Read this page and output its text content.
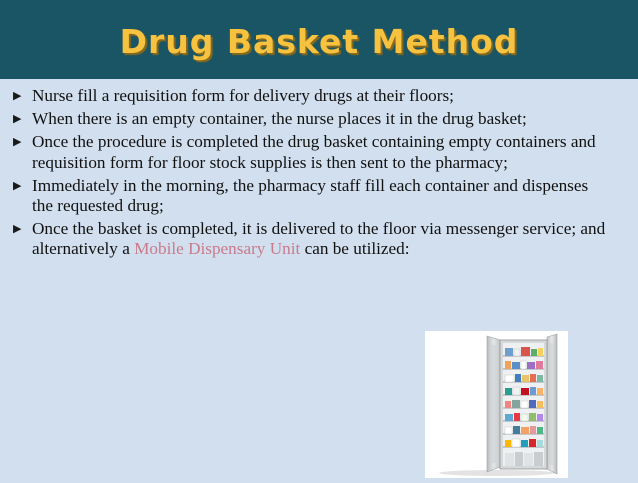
Drug Basket Method
▶ Nurse fill a requisition form for delivery drugs at their floors;
▶ When there is an empty container, the nurse places it in the drug basket;
▶ Once the procedure is completed the drug basket containing empty containers and requisition form for floor stock supplies is then sent to the pharmacy;
▶ Immediately in the morning, the pharmacy staff fill each container and dispenses the requested drug;
▶ Once the basket is completed, it is delivered to the floor via messenger service; and alternatively a Mobile Dispensary Unit can be utilized:
